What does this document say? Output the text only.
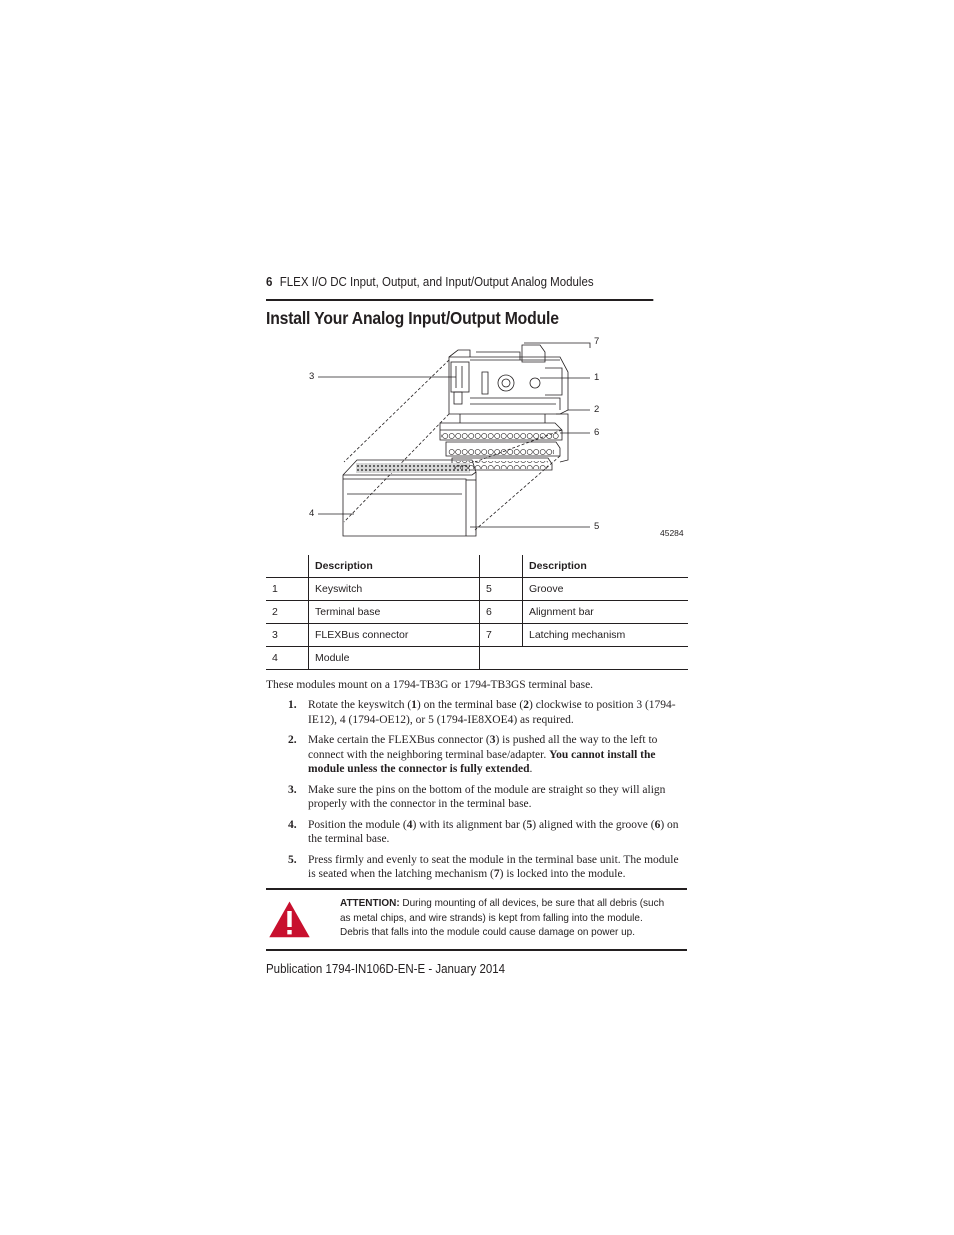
6 FLEX I/O DC Input, Output, and Input/Output Analog Modules
Install Your Analog Input/Output Module
7
3	1
2
6
4
5
45284
	Description		Description
1	Keyswitch	5	Groove
2	Terminal base	6	Alignment bar
3	FLEXBus connector	7	Latching mechanism
4	Module		
These modules mount on a 1794-TB3G or 1794-TB3GS terminal base.
1. Rotate the keyswitch (1) on the terminal base (2) clockwise to position 3 (1794-IE12), 4 (1794-OE12), or 5 (1794-IE8XOE4) as required.
2. Make certain the FLEXBus connector (3) is pushed all the way to the left to connect with the neighboring terminal base/adapter. You cannot install the module unless the connector is fully extended.
3. Make sure the pins on the bottom of the module are straight so they will align properly with the connector in the terminal base.
4. Position the module (4) with its alignment bar (5) aligned with the groove (6) on the terminal base.
5. Press firmly and evenly to seat the module in the terminal base unit. The module is seated when the latching mechanism (7) is locked into the module.
ATTENTION: During mounting of all devices, be sure that all debris (such as metal chips, and wire strands) is kept from falling into the module. Debris that falls into the module could cause damage on power up.
Publication 1794-IN106D-EN-E - January 2014
